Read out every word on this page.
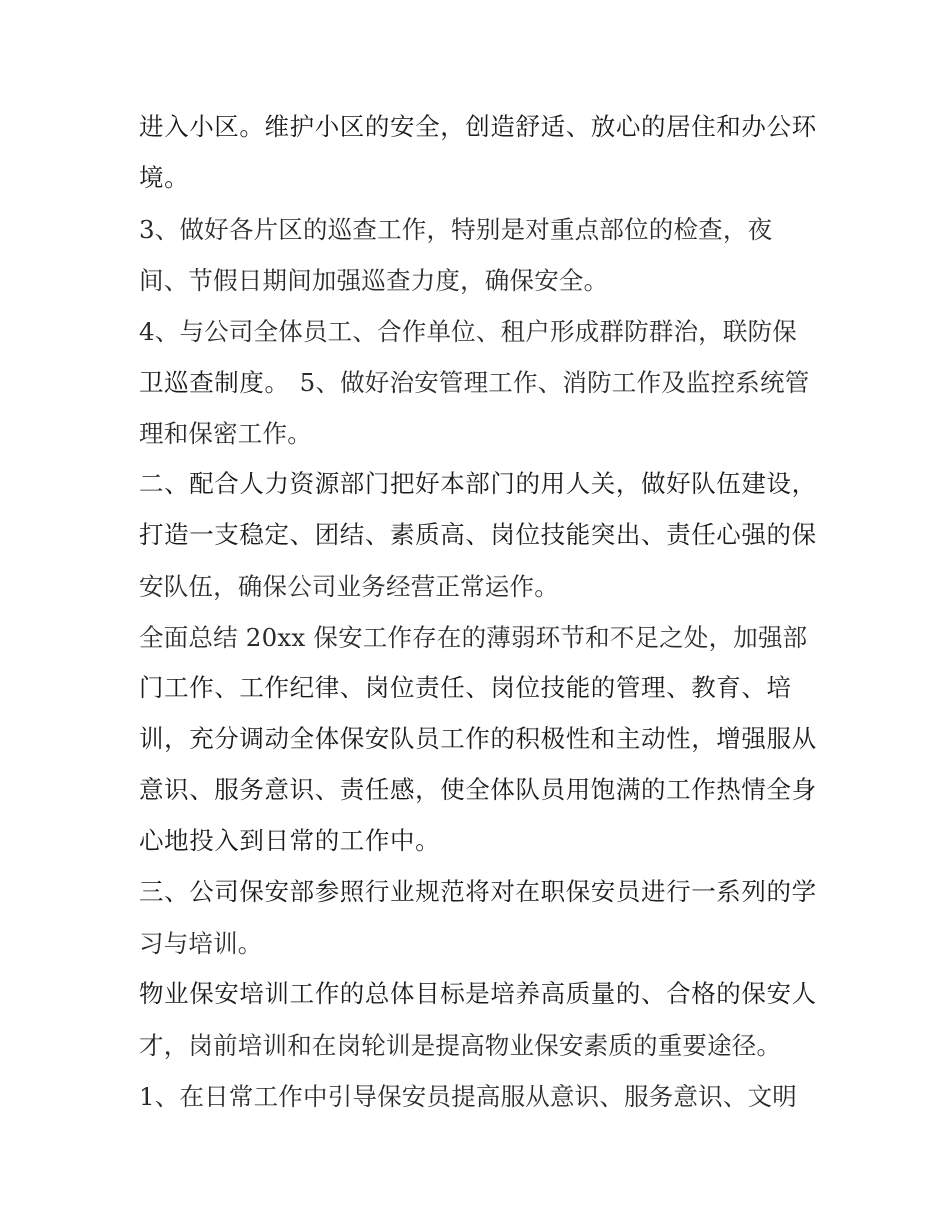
进入小区。维护小区的安全，创造舒适、放心的居住和办公环
境。
3、做好各片区的巡查工作，特别是对重点部位的检查，夜
间、节假日期间加强巡查力度，确保安全。
4、与公司全体员工、合作单位、租户形成群防群治，联防保
卫巡查制度。 5、做好治安管理工作、消防工作及监控系统管
理和保密工作。
二、配合人力资源部门把好本部门的用人关，做好队伍建设，
打造一支稳定、团结、素质高、岗位技能突出、责任心强的保
安队伍，确保公司业务经营正常运作。
全面总结 20xx 保安工作存在的薄弱环节和不足之处，加强部
门工作、工作纪律、岗位责任、岗位技能的管理、教育、培
训，充分调动全体保安队员工作的积极性和主动性，增强服从
意识、服务意识、责任感，使全体队员用饱满的工作热情全身
心地投入到日常的工作中。
三、公司保安部参照行业规范将对在职保安员进行一系列的学
习与培训。
物业保安培训工作的总体目标是培养高质量的、合格的保安人
才，岗前培训和在岗轮训是提高物业保安素质的重要途径。
1、在日常工作中引导保安员提高服从意识、服务意识、文明
